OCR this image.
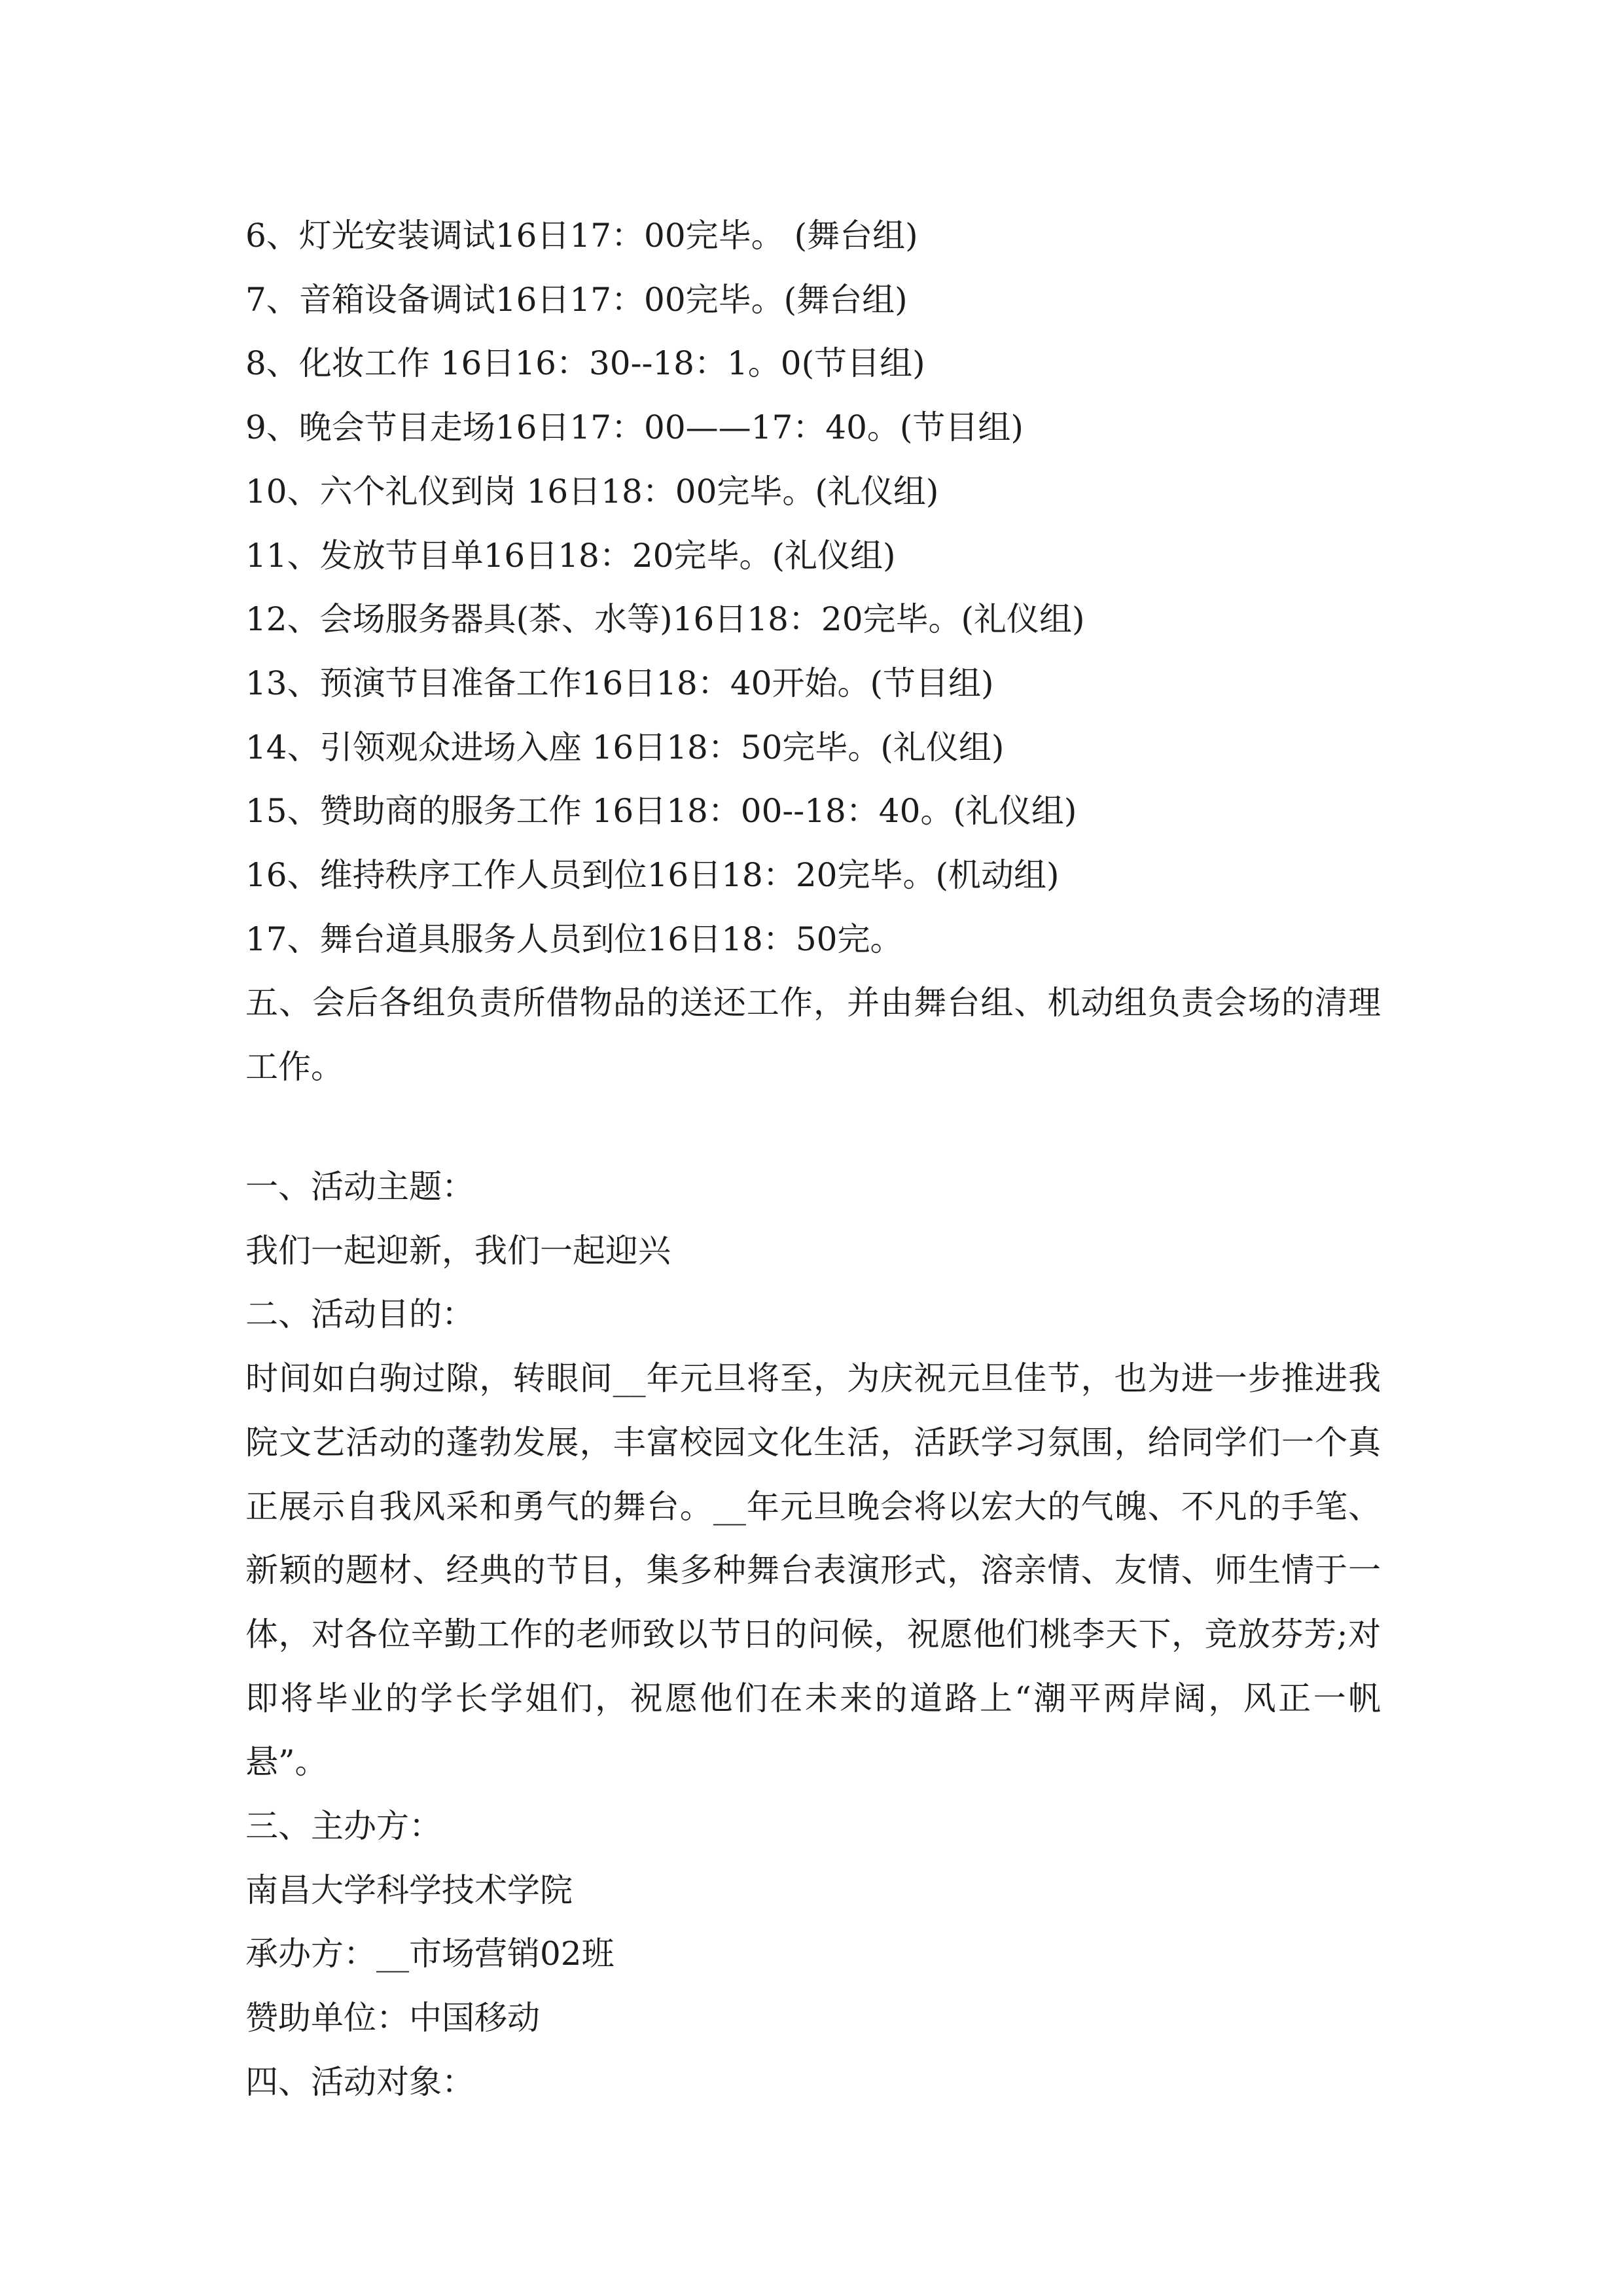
6、灯光安装调试16日17：00完毕。 (舞台组)
7、音箱设备调试16日17：00完毕。(舞台组)
8、化妆工作 16日16：30--18：1。0(节目组)
9、晚会节目走场16日17：00——17：40。(节目组)
10、六个礼仪到岗 16日18：00完毕。(礼仪组)
11、发放节目单16日18：20完毕。(礼仪组)
12、会场服务器具(茶、水等)16日18：20完毕。(礼仪组)
13、预演节目准备工作16日18：40开始。(节目组)
14、引领观众进场入座 16日18：50完毕。(礼仪组)
15、赞助商的服务工作 16日18：00--18：40。(礼仪组)
16、维持秩序工作人员到位16日18：20完毕。(机动组)
17、舞台道具服务人员到位16日18：50完。
五、会后各组负责所借物品的送还工作，并由舞台组、机动组负责会场的清理工作。
一、活动主题：
我们一起迎新，我们一起迎兴
二、活动目的：
时间如白驹过隙，转眼间__年元旦将至，为庆祝元旦佳节，也为进一步推进我院文艺活动的蓬勃发展，丰富校园文化生活，活跃学习氛围，给同学们一个真正展示自我风采和勇气的舞台。__年元旦晚会将以宏大的气魄、不凡的手笔、新颖的题材、经典的节目，集多种舞台表演形式，溶亲情、友情、师生情于一体，对各位辛勤工作的老师致以节日的问候，祝愿他们桃李天下，竞放芬芳;对即将毕业的学长学姐们，祝愿他们在未来的道路上“潮平两岸阔，风正一帆悬”。
三、主办方：
南昌大学科学技术学院
承办方：__市场营销02班
赞助单位：中国移动
四、活动对象：
